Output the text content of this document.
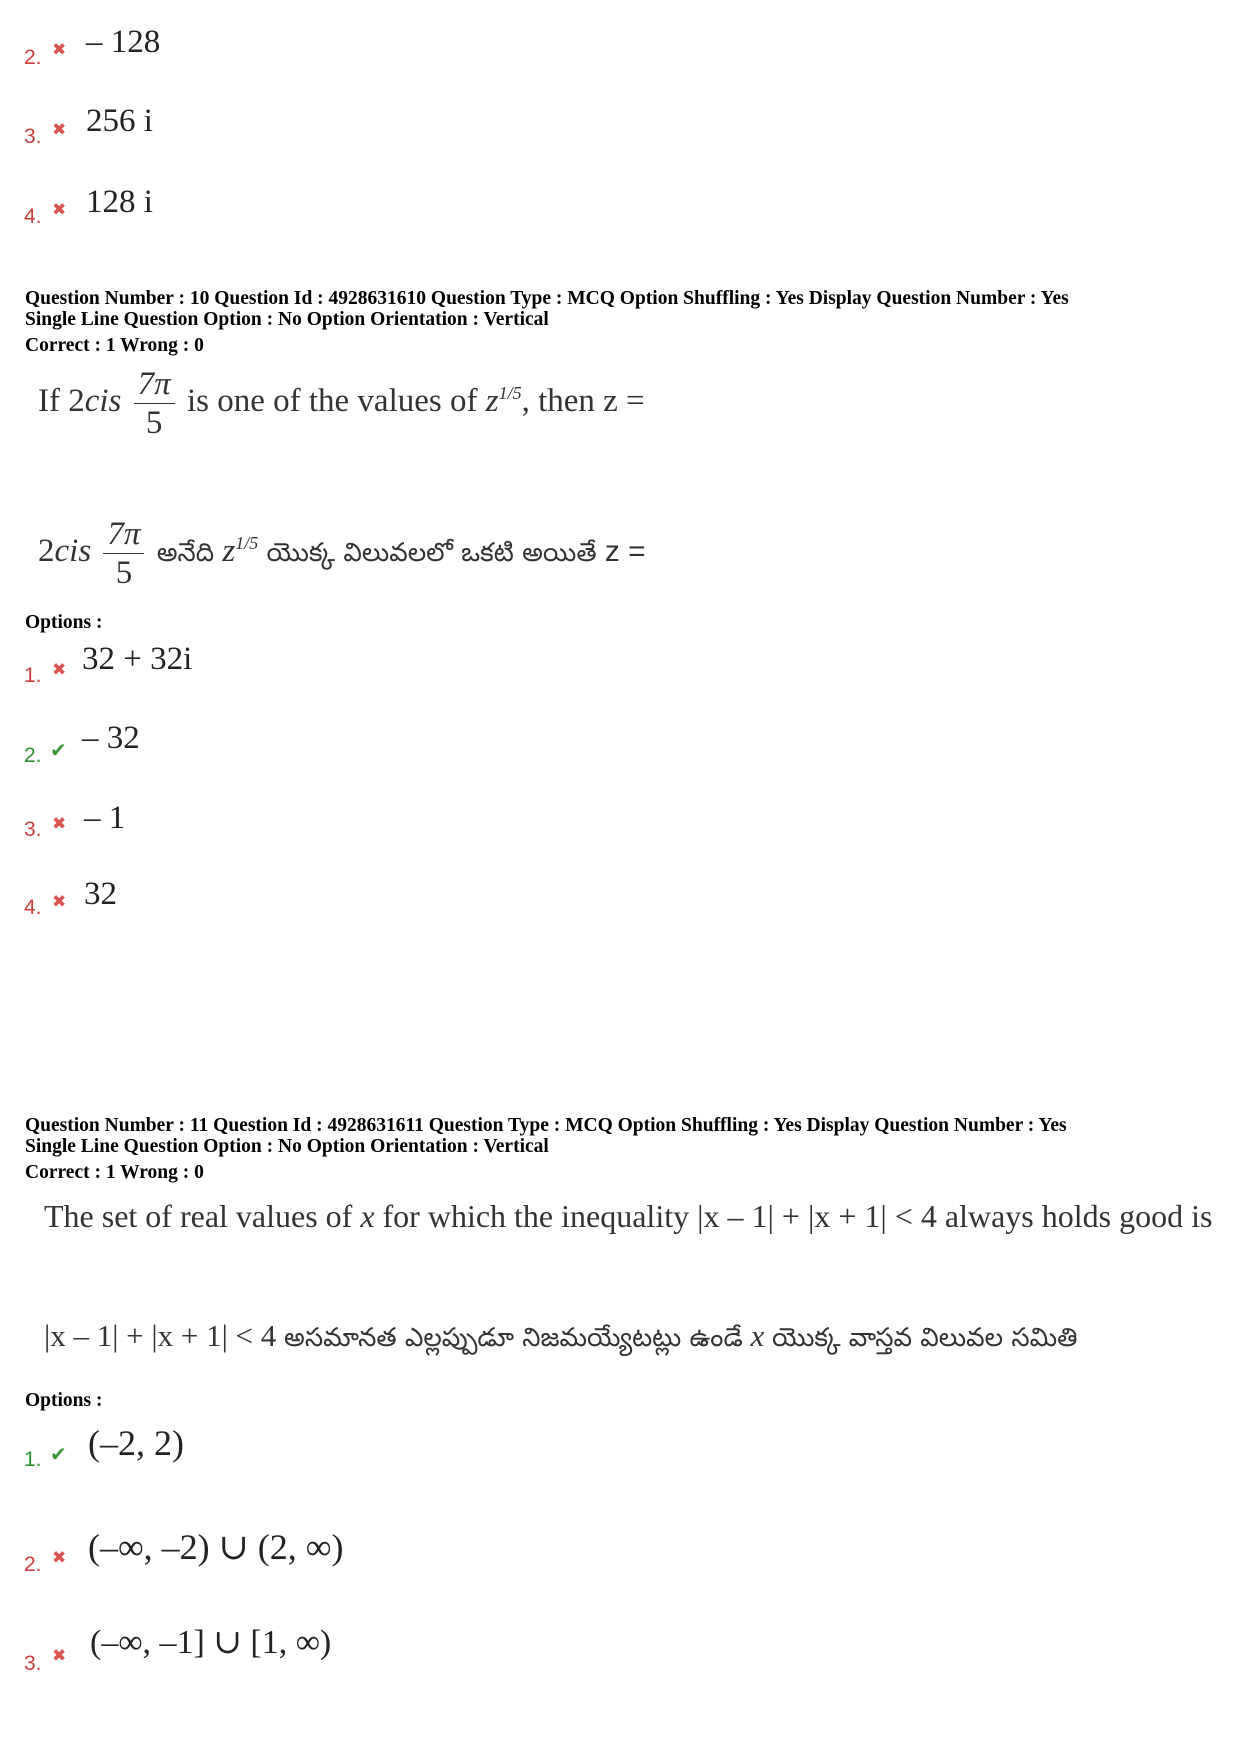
2. ✖ – 128
3. ✖ 256 i
4. ✖ 128 i
Question Number : 10 Question Id : 4928631610 Question Type : MCQ Option Shuffling : Yes Display Question Number : Yes
Single Line Question Option : No Option Orientation : Vertical
Correct : 1 Wrong : 0
If $2cis \frac{7\pi}{5}$ is one of the values of $z^{1/5}$, then z =
$2cis \frac{7\pi}{5}$ అనేది $z^{1/5}$ యొక్క విలువలలో ఒకటి అయితే z =
Options :
1. ✖ 32 + 32i
2. ✔ – 32
3. ✖ – 1
4. ✖ 32
Question Number : 11 Question Id : 4928631611 Question Type : MCQ Option Shuffling : Yes Display Question Number : Yes
Single Line Question Option : No Option Orientation : Vertical
Correct : 1 Wrong : 0
The set of real values of x for which the inequality |x – 1| + |x + 1| < 4 always holds good is
|x – 1| + |x + 1| < 4 అసమానత ఎల్లప్పుడూ నిజమయ్యేటట్లు ఉండే x యొక్క వాస్తవ విలువల సమితి
Options :
1. ✔ (–2, 2)
2. ✖ (–∞, –2) ∪ (2, ∞)
3. ✖ (–∞, –1] ∪ [1, ∞)
